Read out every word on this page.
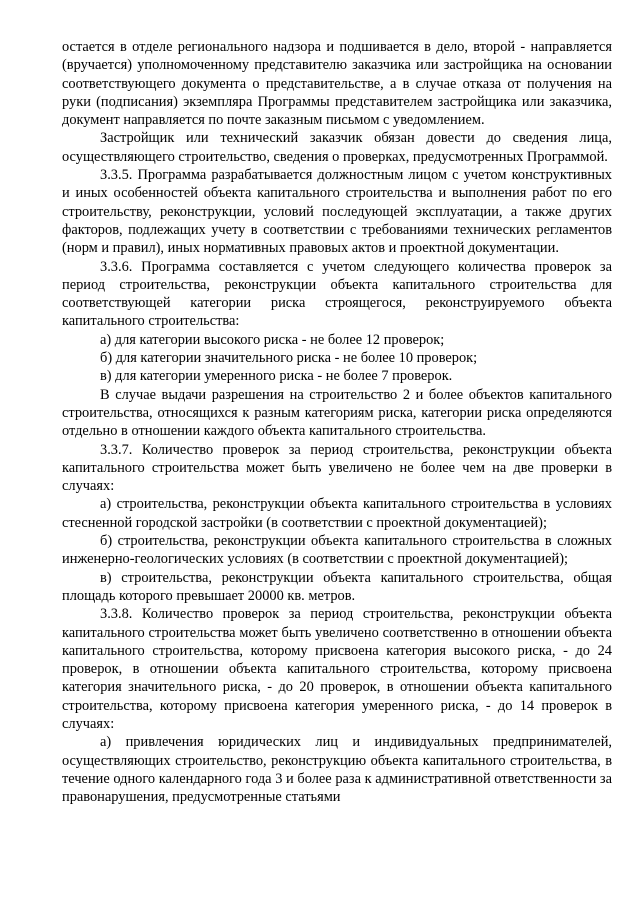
остается в отделе регионального надзора и подшивается в дело, второй - направляется (вручается) уполномоченному представителю заказчика или застройщика на основании соответствующего документа о представительстве, а в случае отказа от получения на руки (подписания) экземпляра Программы представителем застройщика или заказчика, документ направляется по почте заказным письмом с уведомлением.

Застройщик или технический заказчик обязан довести до сведения лица, осуществляющего строительство, сведения о проверках, предусмотренных Программой.

3.3.5. Программа разрабатывается должностным лицом с учетом конструктивных и иных особенностей объекта капитального строительства и выполнения работ по его строительству, реконструкции, условий последующей эксплуатации, а также других факторов, подлежащих учету в соответствии с требованиями технических регламентов (норм и правил), иных нормативных правовых актов и проектной документации.

3.3.6. Программа составляется с учетом следующего количества проверок за период строительства, реконструкции объекта капитального строительства для соответствующей категории риска строящегося, реконструируемого объекта капитального строительства:

а) для категории высокого риска - не более 12 проверок;

б) для категории значительного риска - не более 10 проверок;

в) для категории умеренного риска - не более 7 проверок.

В случае выдачи разрешения на строительство 2 и более объектов капитального строительства, относящихся к разным категориям риска, категории риска определяются отдельно в отношении каждого объекта капитального строительства.

3.3.7. Количество проверок за период строительства, реконструкции объекта капитального строительства может быть увеличено не более чем на две проверки в случаях:

а) строительства, реконструкции объекта капитального строительства в условиях стесненной городской застройки (в соответствии с проектной документацией);

б) строительства, реконструкции объекта капитального строительства в сложных инженерно-геологических условиях (в соответствии с проектной документацией);

в) строительства, реконструкции объекта капитального строительства, общая площадь которого превышает 20000 кв. метров.

3.3.8. Количество проверок за период строительства, реконструкции объекта капитального строительства может быть увеличено соответственно в отношении объекта капитального строительства, которому присвоена категория высокого риска, - до 24 проверок, в отношении объекта капитального строительства, которому присвоена категория значительного риска, - до 20 проверок, в отношении объекта капитального строительства, которому присвоена категория умеренного риска, - до 14 проверок в случаях:

а) привлечения юридических лиц и индивидуальных предпринимателей, осуществляющих строительство, реконструкцию объекта капитального строительства, в течение одного календарного года 3 и более раза к административной ответственности за правонарушения, предусмотренные статьями
